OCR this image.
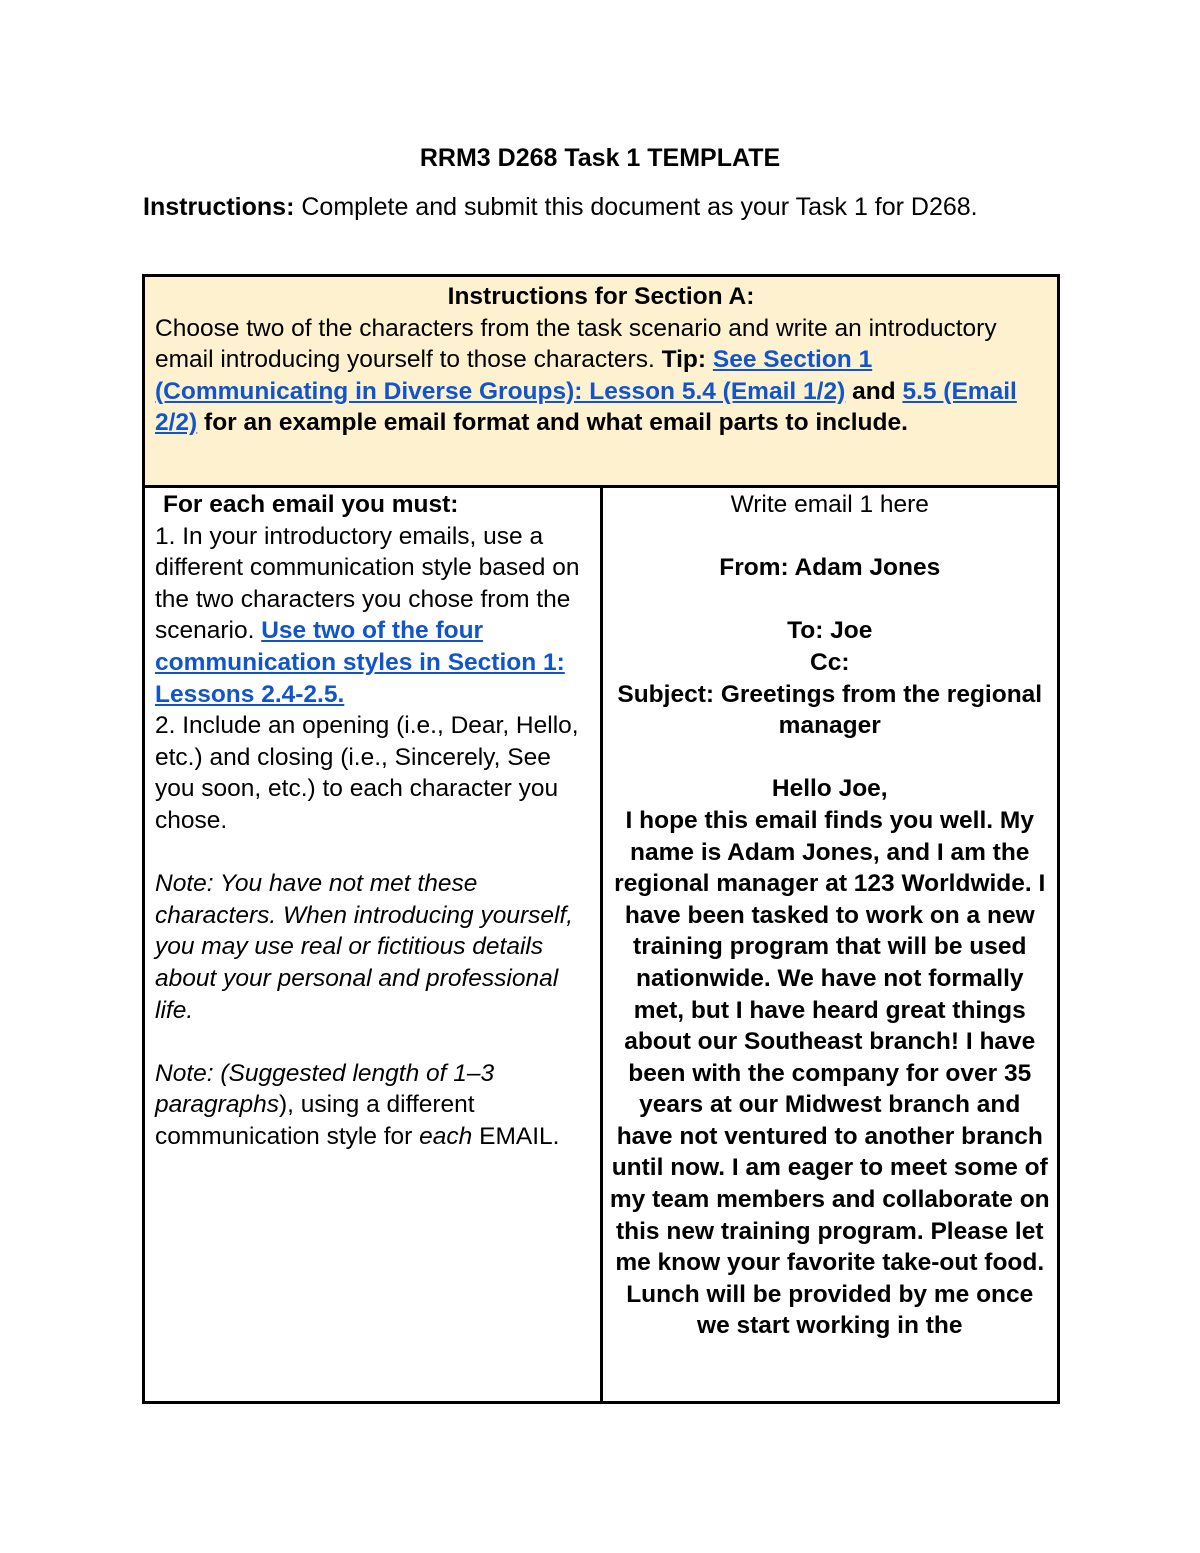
RRM3 D268 Task 1 TEMPLATE
Instructions: Complete and submit this document as your Task 1 for D268.
Instructions for Section A:
Choose two of the characters from the task scenario and write an introductory email introducing yourself to those characters. Tip: See Section 1 (Communicating in Diverse Groups): Lesson 5.4 (Email 1/2) and 5.5 (Email 2/2) for an example email format and what email parts to include.

For each email you must:

1. In your introductory emails, use a different communication style based on the two characters you chose from the scenario. Use two of the four communication styles in Section 1: Lessons 2.4-2.5.

2. Include an opening (i.e., Dear, Hello, etc.) and closing (i.e., Sincerely, See you soon, etc.) to each character you chose.

Note: You have not met these characters. When introducing yourself, you may use real or fictitious details about your personal and professional life.

Note: (Suggested length of 1–3 paragraphs), using a different communication style for each EMAIL.

Write email 1 here
From: Adam Jones
To: Joe
Cc:
Subject: Greetings from the regional manager
Hello Joe,
I hope this email finds you well. My name is Adam Jones, and I am the regional manager at 123 Worldwide. I have been tasked to work on a new training program that will be used nationwide. We have not formally met, but I have heard great things about our Southeast branch! I have been with the company for over 35 years at our Midwest branch and have not ventured to another branch until now. I am eager to meet some of my team members and collaborate on this new training program. Please let me know your favorite take-out food. Lunch will be provided by me once we start working in the
